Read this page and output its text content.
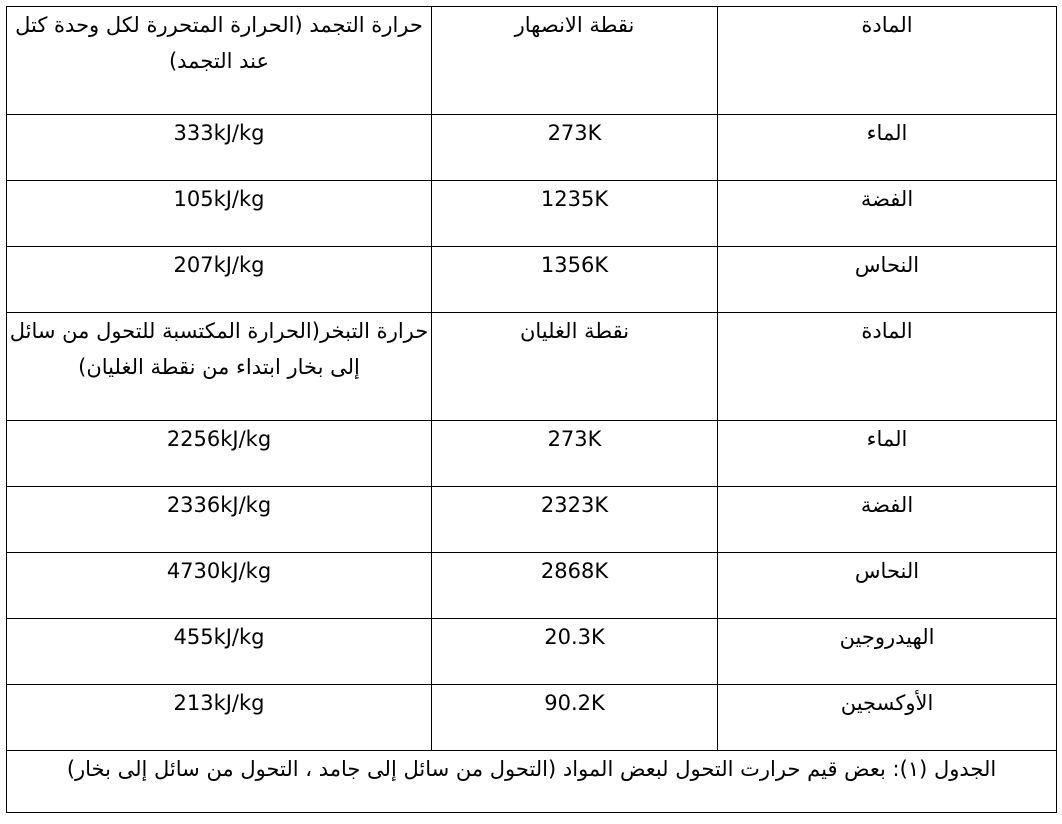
حرارة التجمد (الحرارة المتحررة لكل وحدة كتل عند التجمد)	نقطة الانصهار	المادة
333kJ/kg	273K	الماء
105kJ/kg	1235K	الفضة
207kJ/kg	1356K	النحاس
حرارة التبخر(الحرارة المكتسبة للتحول من سائل إلى بخار ابتداء من نقطة الغليان)	نقطة الغليان	المادة
2256kJ/kg	273K	الماء
2336kJ/kg	2323K	الفضة
4730kJ/kg	2868K	النحاس
455kJ/kg	20.3K	الهيدروجين
213kJ/kg	90.2K	الأوكسجين
الجدول (١): بعض قيم حرارت التحول لبعض المواد (التحول من سائل إلى جامد ، التحول من سائل إلى بخار)		
